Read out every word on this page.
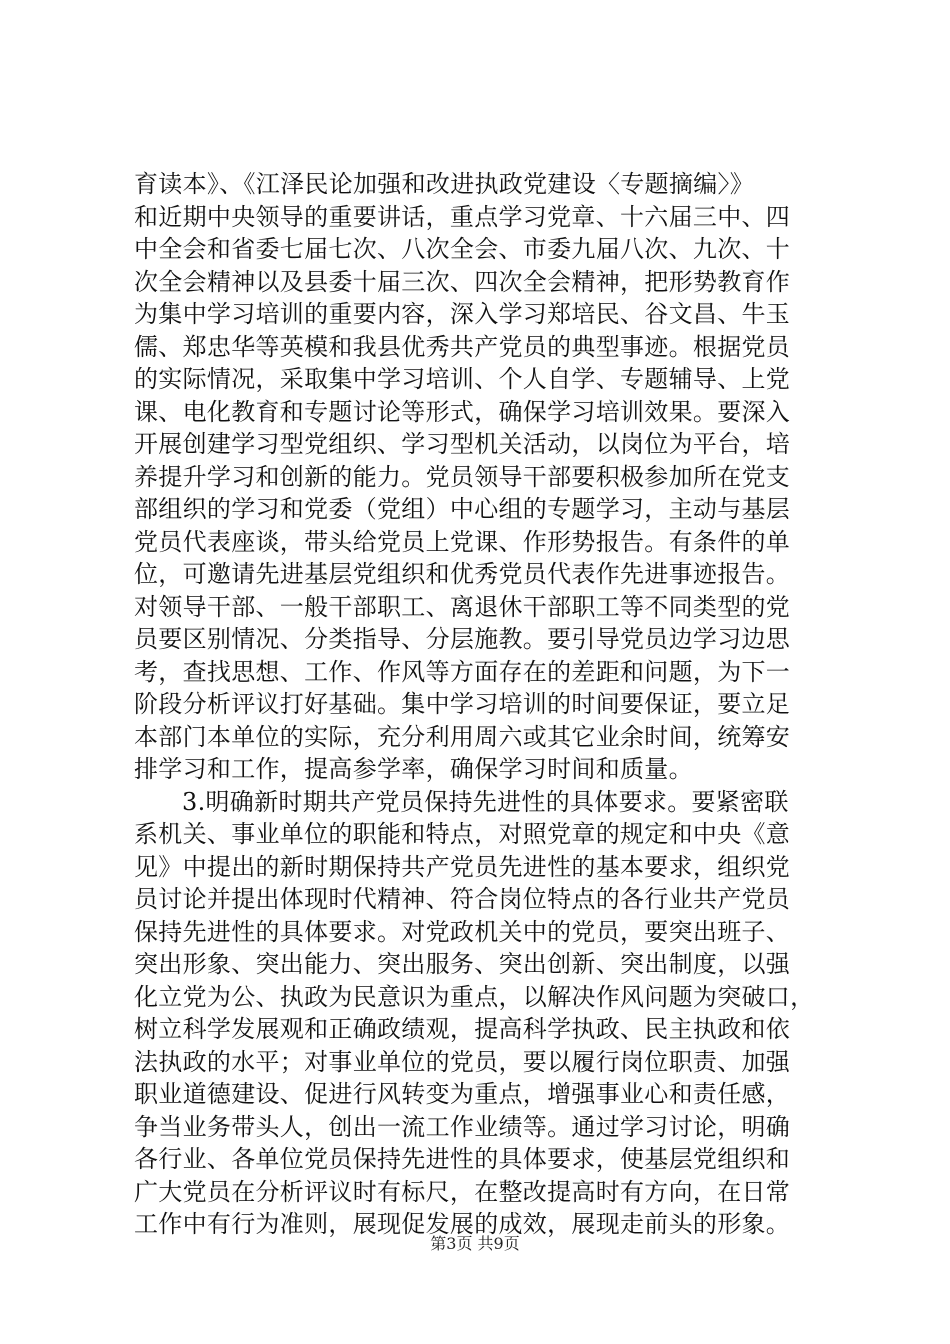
育读本》、《江泽民论加强和改进执政党建设〈专题摘编〉》
和近期中央领导的重要讲话，重点学习党章、十六届三中、四
中全会和省委七届七次、八次全会、市委九届八次、九次、十
次全会精神以及县委十届三次、四次全会精神，把形势教育作
为集中学习培训的重要内容，深入学习郑培民、谷文昌、牛玉
儒、郑忠华等英模和我县优秀共产党员的典型事迹。根据党员
的实际情况，采取集中学习培训、个人自学、专题辅导、上党
课、电化教育和专题讨论等形式，确保学习培训效果。要深入
开展创建学习型党组织、学习型机关活动，以岗位为平台，培
养提升学习和创新的能力。党员领导干部要积极参加所在党支
部组织的学习和党委（党组）中心组的专题学习，主动与基层
党员代表座谈，带头给党员上党课、作形势报告。有条件的单
位，可邀请先进基层党组织和优秀党员代表作先进事迹报告。
对领导干部、一般干部职工、离退休干部职工等不同类型的党
员要区别情况、分类指导、分层施教。要引导党员边学习边思
考，查找思想、工作、作风等方面存在的差距和问题，为下一
阶段分析评议打好基础。集中学习培训的时间要保证，要立足
本部门本单位的实际，充分利用周六或其它业余时间，统筹安
排学习和工作，提高参学率，确保学习时间和质量。
3.明确新时期共产党员保持先进性的具体要求。要紧密联
系机关、事业单位的职能和特点，对照党章的规定和中央《意
见》中提出的新时期保持共产党员先进性的基本要求，组织党
员讨论并提出体现时代精神、符合岗位特点的各行业共产党员
保持先进性的具体要求。对党政机关中的党员，要突出班子、
突出形象、突出能力、突出服务、突出创新、突出制度，以强
化立党为公、执政为民意识为重点，以解决作风问题为突破口，
树立科学发展观和正确政绩观，提高科学执政、民主执政和依
法执政的水平；对事业单位的党员，要以履行岗位职责、加强
职业道德建设、促进行风转变为重点，增强事业心和责任感，
争当业务带头人，创出一流工作业绩等。通过学习讨论，明确
各行业、各单位党员保持先进性的具体要求，使基层党组织和
广大党员在分析评议时有标尺，在整改提高时有方向，在日常
工作中有行为准则，展现促发展的成效，展现走前头的形象。
第3页 共9页
